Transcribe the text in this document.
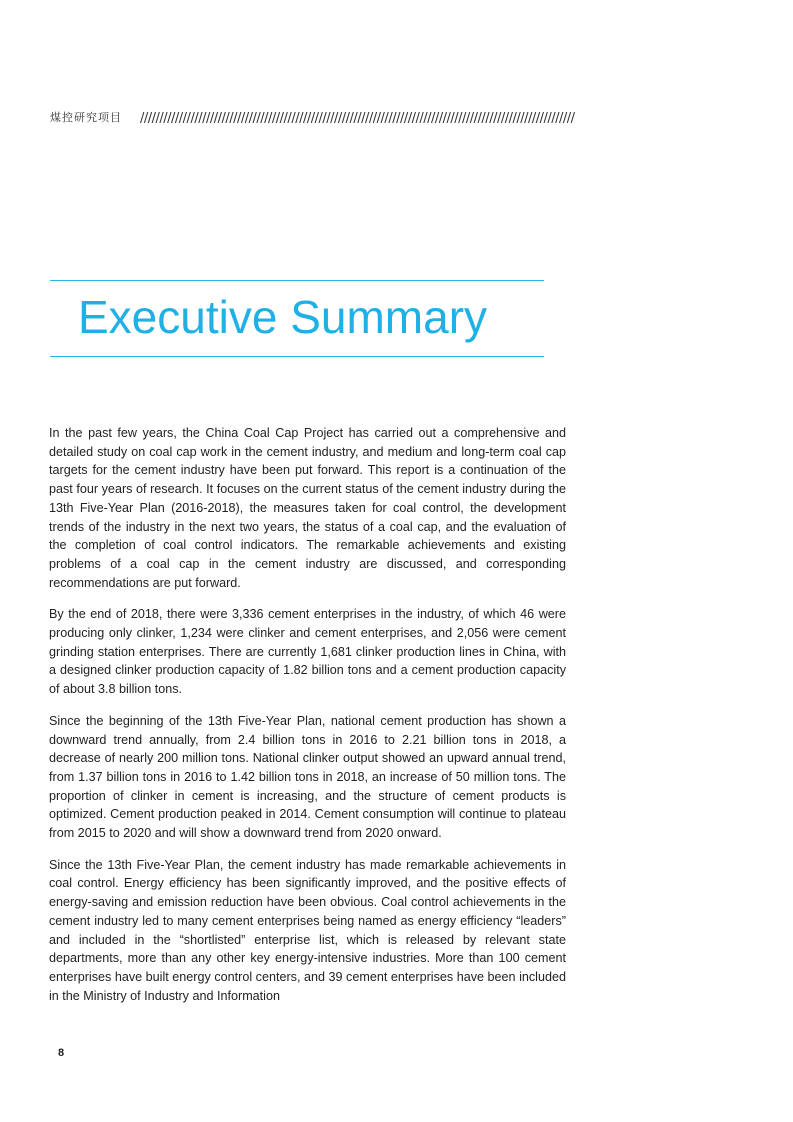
煤控研究项目 ////////////////////////////////////////////////////////////////////////////////////////////////////////////////
Executive Summary

In the past few years, the China Coal Cap Project has carried out a comprehensive and detailed study on coal cap work in the cement industry, and medium and long-term coal cap targets for the cement industry have been put forward. This report is a continuation of the past four years of research. It focuses on the current status of the cement industry during the 13th Five-Year Plan (2016-2018), the measures taken for coal control, the development trends of the industry in the next two years, the status of a coal cap, and the evaluation of the completion of coal control indicators. The remarkable achievements and existing problems of a coal cap in the cement industry are discussed, and corresponding recommendations are put forward.

By the end of 2018, there were 3,336 cement enterprises in the industry, of which 46 were producing only clinker, 1,234 were clinker and cement enterprises, and 2,056 were cement grinding station enterprises. There are currently 1,681 clinker production lines in China, with a designed clinker production capacity of 1.82 billion tons and a cement production capacity of about 3.8 billion tons.

Since the beginning of the 13th Five-Year Plan, national cement production has shown a downward trend annually, from 2.4 billion tons in 2016 to 2.21 billion tons in 2018, a decrease of nearly 200 million tons. National clinker output showed an upward annual trend, from 1.37 billion tons in 2016 to 1.42 billion tons in 2018, an increase of 50 million tons. The proportion of clinker in cement is increasing, and the structure of cement products is optimized. Cement production peaked in 2014. Cement consumption will continue to plateau from 2015 to 2020 and will show a downward trend from 2020 onward.

Since the 13th Five-Year Plan, the cement industry has made remarkable achievements in coal control. Energy efficiency has been significantly improved, and the positive effects of energy-saving and emission reduction have been obvious. Coal control achievements in the cement industry led to many cement enterprises being named as energy efficiency “leaders” and included in the “shortlisted” enterprise list, which is released by relevant state departments, more than any other key energy-intensive industries. More than 100 cement enterprises have built energy control centers, and 39 cement enterprises have been included in the Ministry of Industry and Information

8
